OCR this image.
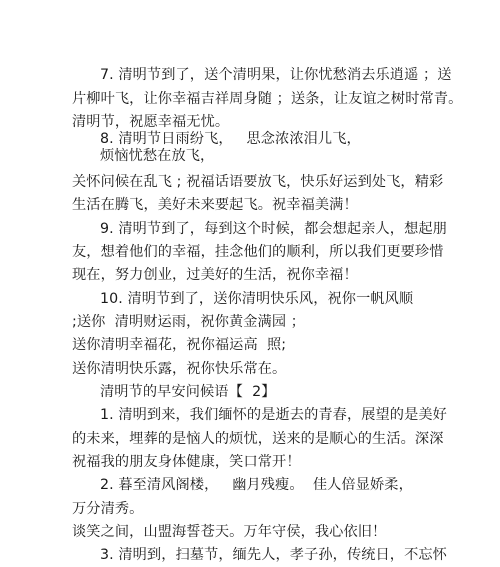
7. 清明节到了，送个清明果，让你忧愁消去乐逍遥 ；送
片柳叶飞，让你幸福吉祥周身随 ；送条，让友谊之树时常青。
清明节，祝愿幸福无忧。
8. 清明节日雨纷飞，   思念浓浓泪儿飞，
烦恼忧愁在放飞，
关怀问候在乱飞 ; 祝福话语要放飞，快乐好运到处飞，精彩
生活在腾飞，美好未来要起飞。祝幸福美满！
9. 清明节到了，每到这个时候，都会想起亲人，想起朋
友，想着他们的幸福，挂念他们的顺利，所以我们更要珍惜
现在，努力创业，过美好的生活，祝你幸福！
10. 清明节到了，送你清明快乐风，祝你一帆风顺
;送你  清明财运雨，祝你黄金满园 ；
送你清明幸福花，祝你福运高  照;
送你清明快乐露，祝你快乐常在。
清明节的早安问候语【  2】
1. 清明到来，我们缅怀的是逝去的青春，展望的是美好
的未来，埋葬的是恼人的烦忧，送来的是顺心的生活。深深
祝福我的朋友身体健康，笑口常开！
2. 暮至清风阁楼，   幽月残瘦。  佳人倍显娇柔，
万分清秀。
谈笑之间，山盟海誓苍天。万年守侯，我心依旧！
3. 清明到，扫墓节，缅先人，孝子孙，传统日，不忘怀
